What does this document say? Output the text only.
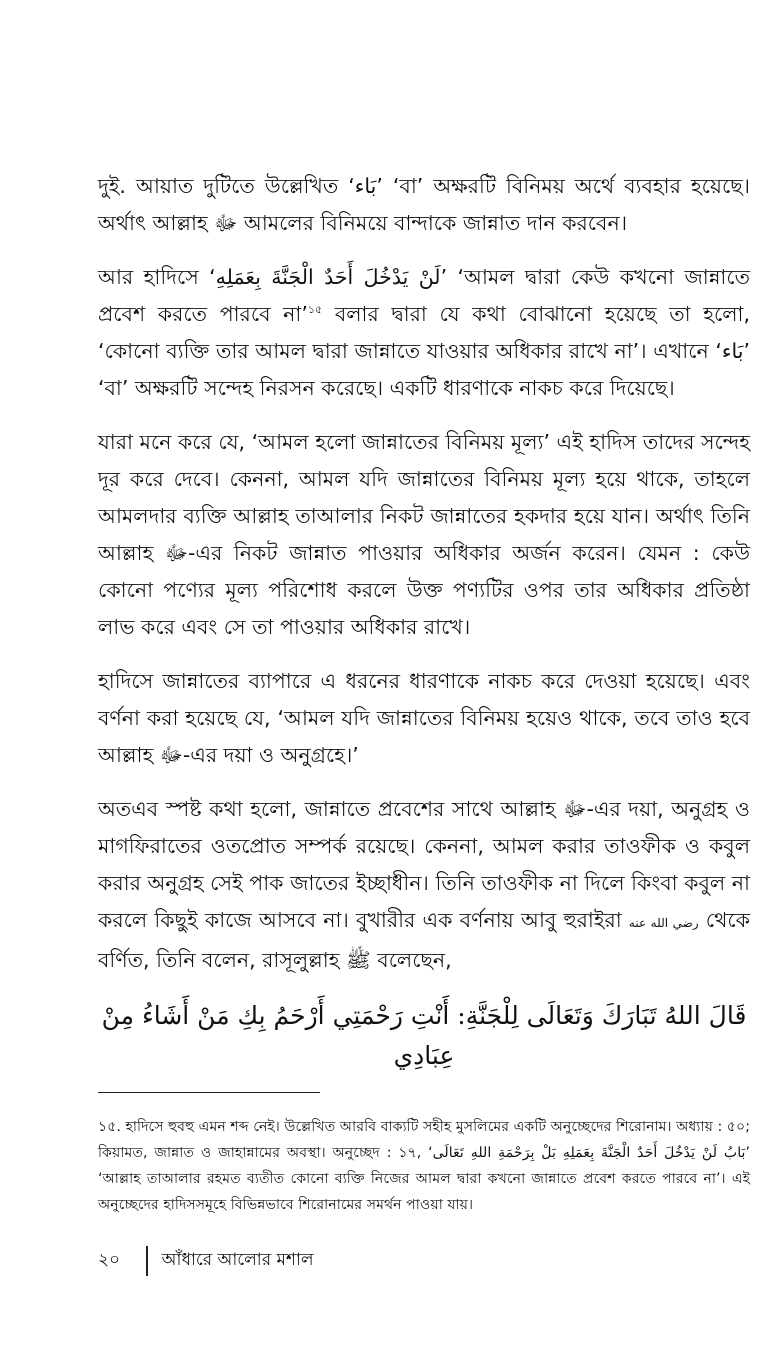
দুই. আয়াত দুটিতে উল্লেখিত ‘بَاء’ ‘বা’ অক্ষরটি বিনিময় অর্থে ব্যবহার হয়েছে। অর্থাৎ আল্লাহ ﷻ আমলের বিনিময়ে বান্দাকে জান্নাত দান করবেন।

আর হাদিসে ‘لَنْ يَدْخُلَ أَحَدٌ الْجَنَّةَ بِعَمَلِهِ’ ‘আমল দ্বারা কেউ কখনো জান্নাতে প্রবেশ করতে পারবে না’$^{১৫}$ বলার দ্বারা যে কথা বোঝানো হয়েছে তা হলো, ‘কোনো ব্যক্তি তার আমল দ্বারা জান্নাতে যাওয়ার অধিকার রাখে না’। এখানে ‘بَاء’ ‘বা’ অক্ষরটি সন্দেহ নিরসন করেছে। একটি ধারণাকে নাকচ করে দিয়েছে।

যারা মনে করে যে, ‘আমল হলো জান্নাতের বিনিময় মূল্য’ এই হাদিস তাদের সন্দেহ দূর করে দেবে। কেননা, আমল যদি জান্নাতের বিনিময় মূল্য হয়ে থাকে, তাহলে আমলদার ব্যক্তি আল্লাহ তাআলার নিকট জান্নাতের হকদার হয়ে যান। অর্থাৎ তিনি আল্লাহ ﷻ-এর নিকট জান্নাত পাওয়ার অধিকার অর্জন করেন। যেমন : কেউ কোনো পণ্যের মূল্য পরিশোধ করলে উক্ত পণ্যটির ওপর তার অধিকার প্রতিষ্ঠা লাভ করে এবং সে তা পাওয়ার অধিকার রাখে।

হাদিসে জান্নাতের ব্যাপারে এ ধরনের ধারণাকে নাকচ করে দেওয়া হয়েছে। এবং বর্ণনা করা হয়েছে যে, ‘আমল যদি জান্নাতের বিনিময় হয়েও থাকে, তবে তাও হবে আল্লাহ ﷻ-এর দয়া ও অনুগ্রহে।’

অতএব স্পষ্ট কথা হলো, জান্নাতে প্রবেশের সাথে আল্লাহ ﷻ-এর দয়া, অনুগ্রহ ও মাগফিরাতের ওতপ্রোত সম্পর্ক রয়েছে। কেননা, আমল করার তাওফীক ও কবুল করার অনুগ্রহ সেই পাক জাতের ইচ্ছাধীন। তিনি তাওফীক না দিলে কিংবা কবুল না করলে কিছুই কাজে আসবে না। বুখারীর এক বর্ণনায় আবু হুরাইরা رضي الله عنه থেকে বর্ণিত, তিনি বলেন, রাসূলুল্লাহ ﷺ বলেছেন,

قَالَ اللهُ تَبَارَكَ وَتَعَالَى لِلْجَنَّةِ: أَنْتِ رَحْمَتِي أَرْحَمُ بِكِ مَنْ أَشَاءُ مِنْ عِبَادِي

১৫. হাদিসে হুবহু এমন শব্দ নেই। উল্লেখিত আরবি বাক্যটি সহীহ মুসলিমের একটি অনুচ্ছেদের শিরোনাম। অধ্যায় : ৫০; কিয়ামত, জান্নাত ও জাহান্নামের অবস্থা। অনুচ্ছেদ : ১৭, ‘	بَابُ لَنْ يَدْخُلَ أَحَدٌ الْجَنَّةَ بِعَمَلِهِ بَلْ بِرَحْمَةِ اللهِ تَعَالَى	’ ‘আল্লাহ তাআলার রহমত ব্যতীত কোনো ব্যক্তি নিজের আমল দ্বারা কখনো জান্নাতে প্রবেশ করতে পারবে না’। এই অনুচ্ছেদের হাদিসসমূহে বিভিন্নভাবে শিরোনামের সমর্থন পাওয়া যায়।

২০ আঁধারে আলোর মশাল
